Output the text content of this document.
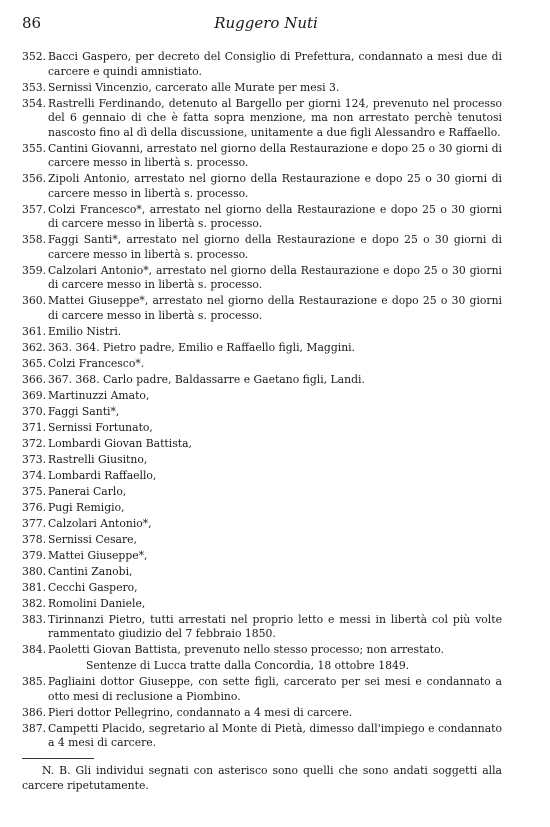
86	Ruggero Nuti
352. Bacci Gaspero, per decreto del Consiglio di Prefettura, condannato a mesi due di carcere e quindi amnistiato.
353. Sernissi Vincenzio, carcerato alle Murate per mesi 3.
354. Rastrelli Ferdinando, detenuto al Bargello per giorni 124, prevenuto nel processo del 6 gennaio di che è fatta sopra menzione, ma non arrestato perchè tenutosi nascosto fino al dì della discussione, unitamente a due figli Alessandro e Raffaello.
355. Cantini Giovanni, arrestato nel giorno della Restaurazione e dopo 25 o 30 giorni di carcere messo in libertà s. processo.
356. Zipoli Antonio, arrestato nel giorno della Restaurazione e dopo 25 o 30 giorni di carcere messo in libertà s. processo.
357. Colzi Francesco*, arrestato nel giorno della Restaurazione e dopo 25 o 30 giorni di carcere messo in libertà s. processo.
358. Faggi Santi*, arrestato nel giorno della Restaurazione e dopo 25 o 30 giorni di carcere messo in libertà s. processo.
359. Calzolari Antonio*, arrestato nel giorno della Restaurazione e dopo 25 o 30 giorni di carcere messo in libertà s. processo.
360. Mattei Giuseppe*, arrestato nel giorno della Restaurazione e dopo 25 o 30 giorni di carcere messo in libertà s. processo.
361. Emilio Nistri.
362. 363. 364. Pietro padre, Emilio e Raffaello figli, Maggini.
365. Colzi Francesco*.
366. 367. 368. Carlo padre, Baldassarre e Gaetano figli, Landi.
369. Martinuzzi Amato,
370. Faggi Santi*,
371. Sernissi Fortunato,
372. Lombardi Giovan Battista,
373. Rastrelli Giusitno,
374. Lombardi Raffaello,
375. Panerai Carlo,
376. Pugi Remigio,
377. Calzolari Antonio*,
378. Sernissi Cesare,
379. Mattei Giuseppe*,
380. Cantini Zanobi,
381. Cecchi Gaspero,
382. Romolini Daniele,
383. Tirinnanzi Pietro, tutti arrestati nel proprio letto e messi in libertà col più volte rammentato giudizio del 7 febbraio 1850.
384. Paoletti Giovan Battista, prevenuto nello stesso processo; non arrestato.
Sentenze di Lucca tratte dalla Concordia, 18 ottobre 1849.
385. Pagliaini dottor Giuseppe, con sette figli, carcerato per sei mesi e condannato a otto mesi di reclusione a Piombino.
386. Pieri dottor Pellegrino, condannato a 4 mesi di carcere.
387. Campetti Placido, segretario al Monte di Pietà, dimesso dall'impiego e condannato a 4 mesi di carcere.
N. B. Gli individui segnati con asterisco sono quelli che sono andati soggetti alla carcere ripetutamente.
